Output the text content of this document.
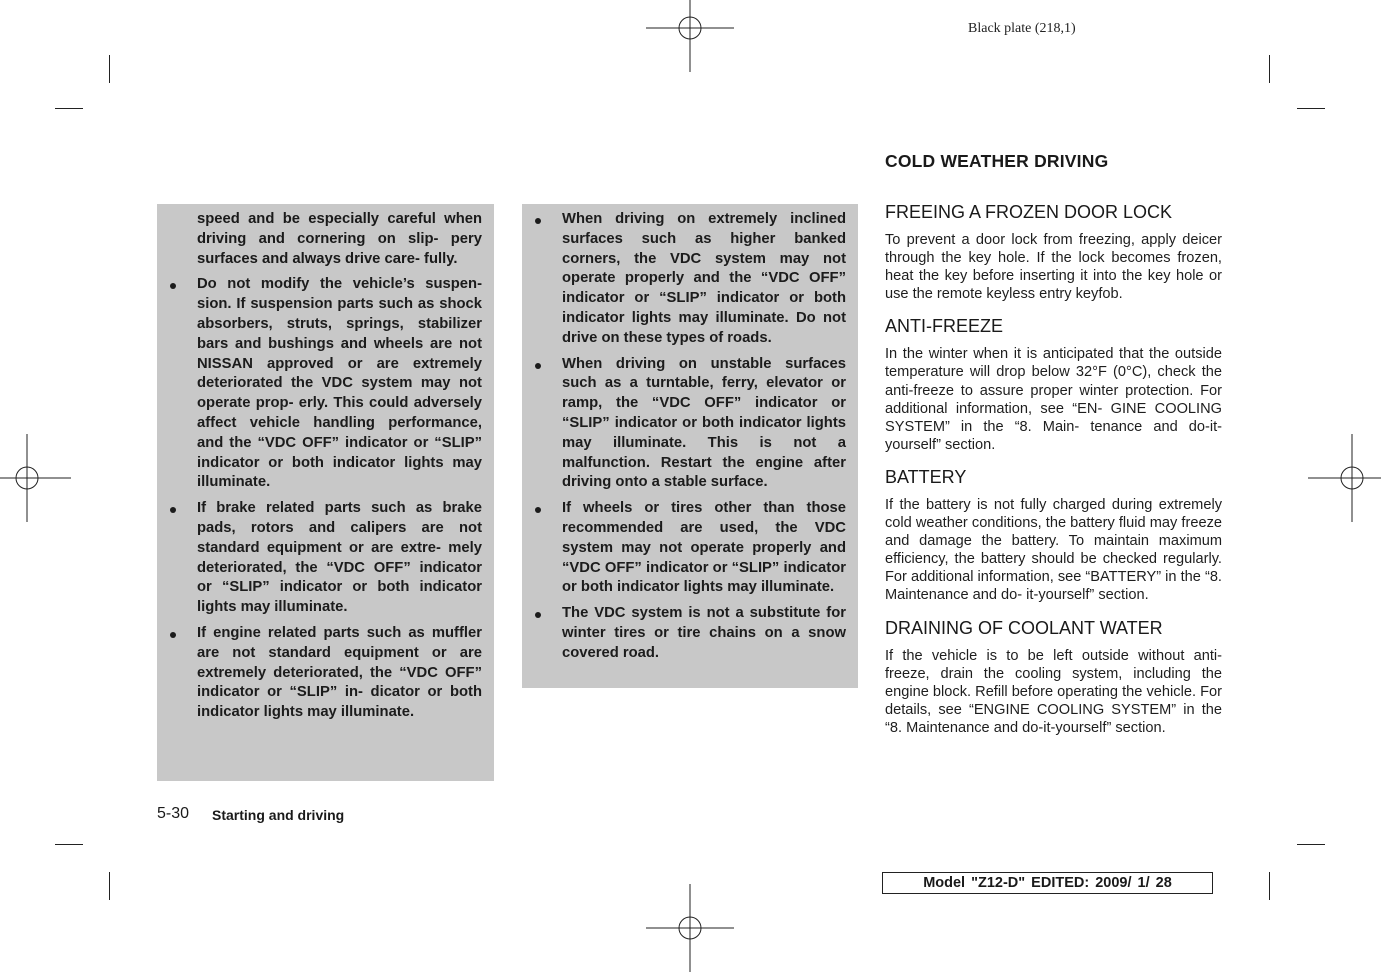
Black plate (218,1)
speed and be especially careful when driving and cornering on slip- pery surfaces and always drive care- fully.
Do not modify the vehicle’s suspen- sion. If suspension parts such as shock absorbers, struts, springs, stabilizer bars and bushings and wheels are not NISSAN approved or are extremely deteriorated the VDC system may not operate prop- erly. This could adversely affect vehicle handling performance, and the “VDC OFF” indicator or “SLIP” indicator or both indicator lights may illuminate.
If brake related parts such as brake pads, rotors and calipers are not standard equipment or are extre- mely deteriorated, the “VDC OFF” indicator or “SLIP” indicator or both indicator lights may illuminate.
If engine related parts such as muffler are not standard equipment or are extremely deteriorated, the “VDC OFF” indicator or “SLIP” in- dicator or both indicator lights may illuminate.
When driving on extremely inclined surfaces such as higher banked corners, the VDC system may not operate properly and the “VDC OFF” indicator or “SLIP” indicator or both indicator lights may illuminate. Do not drive on these types of roads.
When driving on unstable surfaces such as a turntable, ferry, elevator or ramp, the “VDC OFF” indicator or “SLIP” indicator or both indicator lights may illuminate. This is not a malfunction. Restart the engine after driving onto a stable surface.
If wheels or tires other than those recommended are used, the VDC system may not operate properly and “VDC OFF” indicator or “SLIP” indicator or both indicator lights may illuminate.
The VDC system is not a substitute for winter tires or tire chains on a snow covered road.
COLD WEATHER DRIVING
FREEING A FROZEN DOOR LOCK

To prevent a door lock from freezing, apply deicer through the key hole. If the lock becomes frozen, heat the key before inserting it into the key hole or use the remote keyless entry keyfob.

ANTI-FREEZE

In the winter when it is anticipated that the outside temperature will drop below 32°F (0°C), check the anti-freeze to assure proper winter protection. For additional information, see “EN- GINE COOLING SYSTEM” in the “8. Main- tenance and do-it-yourself” section.

BATTERY

If the battery is not fully charged during extremely cold weather conditions, the battery fluid may freeze and damage the battery. To maintain maximum efficiency, the battery should be checked regularly. For additional information, see “BATTERY” in the “8. Maintenance and do- it-yourself” section.

DRAINING OF COOLANT WATER

If the vehicle is to be left outside without anti- freeze, drain the cooling system, including the engine block. Refill before operating the vehicle. For details, see “ENGINE COOLING SYSTEM” in the “8. Maintenance and do-it-yourself” section.

5-30 Starting and driving
Model "Z12-D" EDITED: 2009/ 1/ 28
